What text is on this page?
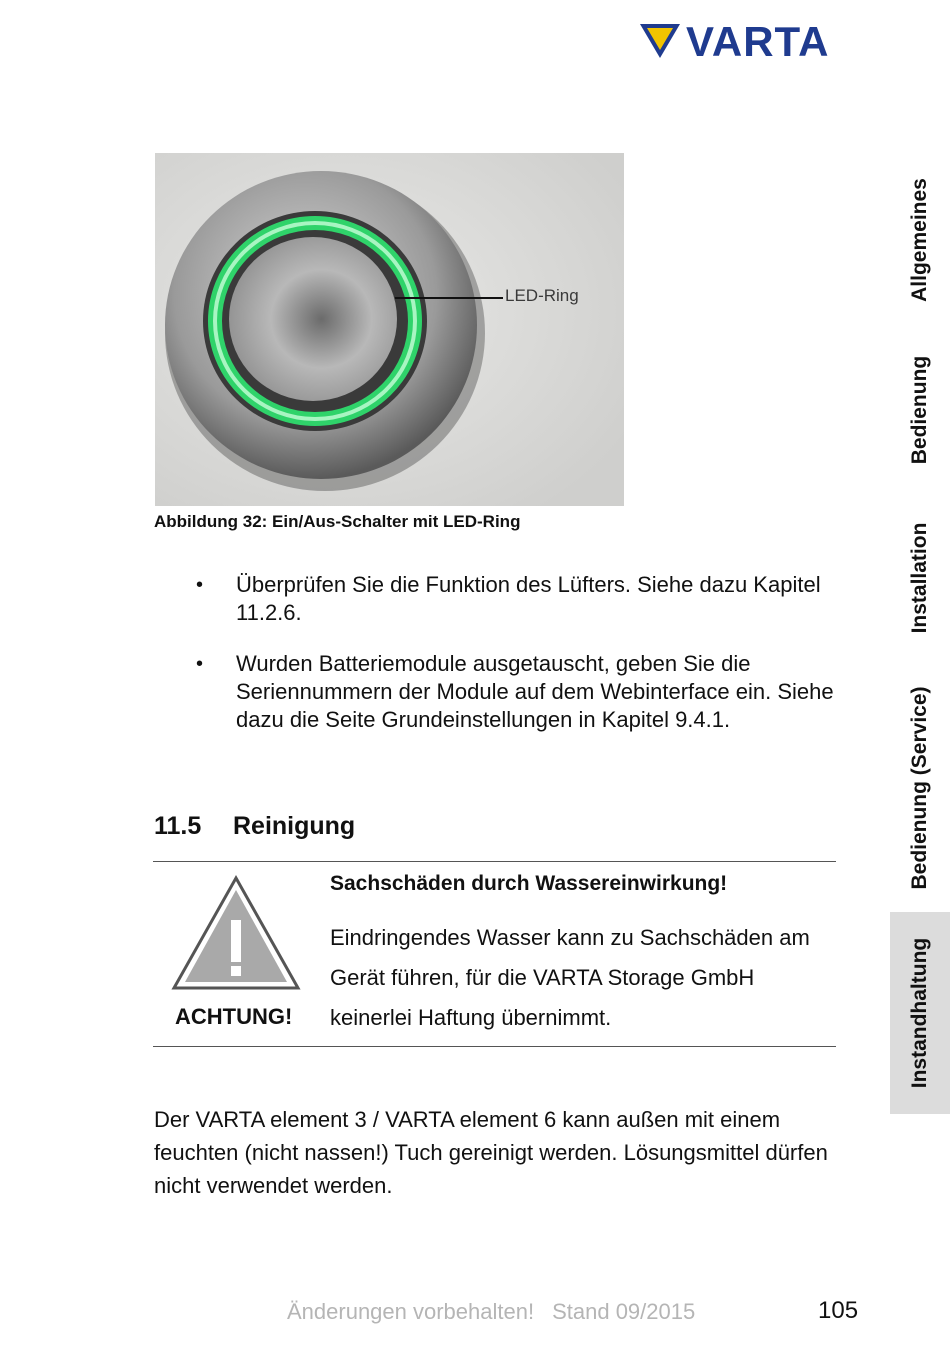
VARTA
LED-Ring
Abbildung 32: Ein/Aus-Schalter mit LED-Ring
• Überprüfen Sie die Funktion des Lüfters. Siehe dazu Kapitel 11.2.6.
• Wurden Batteriemodule ausgetauscht, geben Sie die Seriennummern der Module auf dem Webinterface ein. Siehe dazu die Seite Grundeinstellungen in Kapitel 9.4.1.
11.5 Reinigung
ACHTUNG!
Sachschäden durch Wassereinwirkung!
Eindringendes Wasser kann zu Sachschäden am Gerät führen, für die VARTA Storage GmbH keinerlei Haftung übernimmt.
Der VARTA element 3 / VARTA element 6 kann außen mit einem feuchten (nicht nassen!) Tuch gereinigt werden. Lösungsmittel dürfen nicht verwendet werden.
Änderungen vorbehalten! Stand 09/2015	105
Allgemeines
Bedienung
Installation
Bedienung (Service)
Instandhaltung
